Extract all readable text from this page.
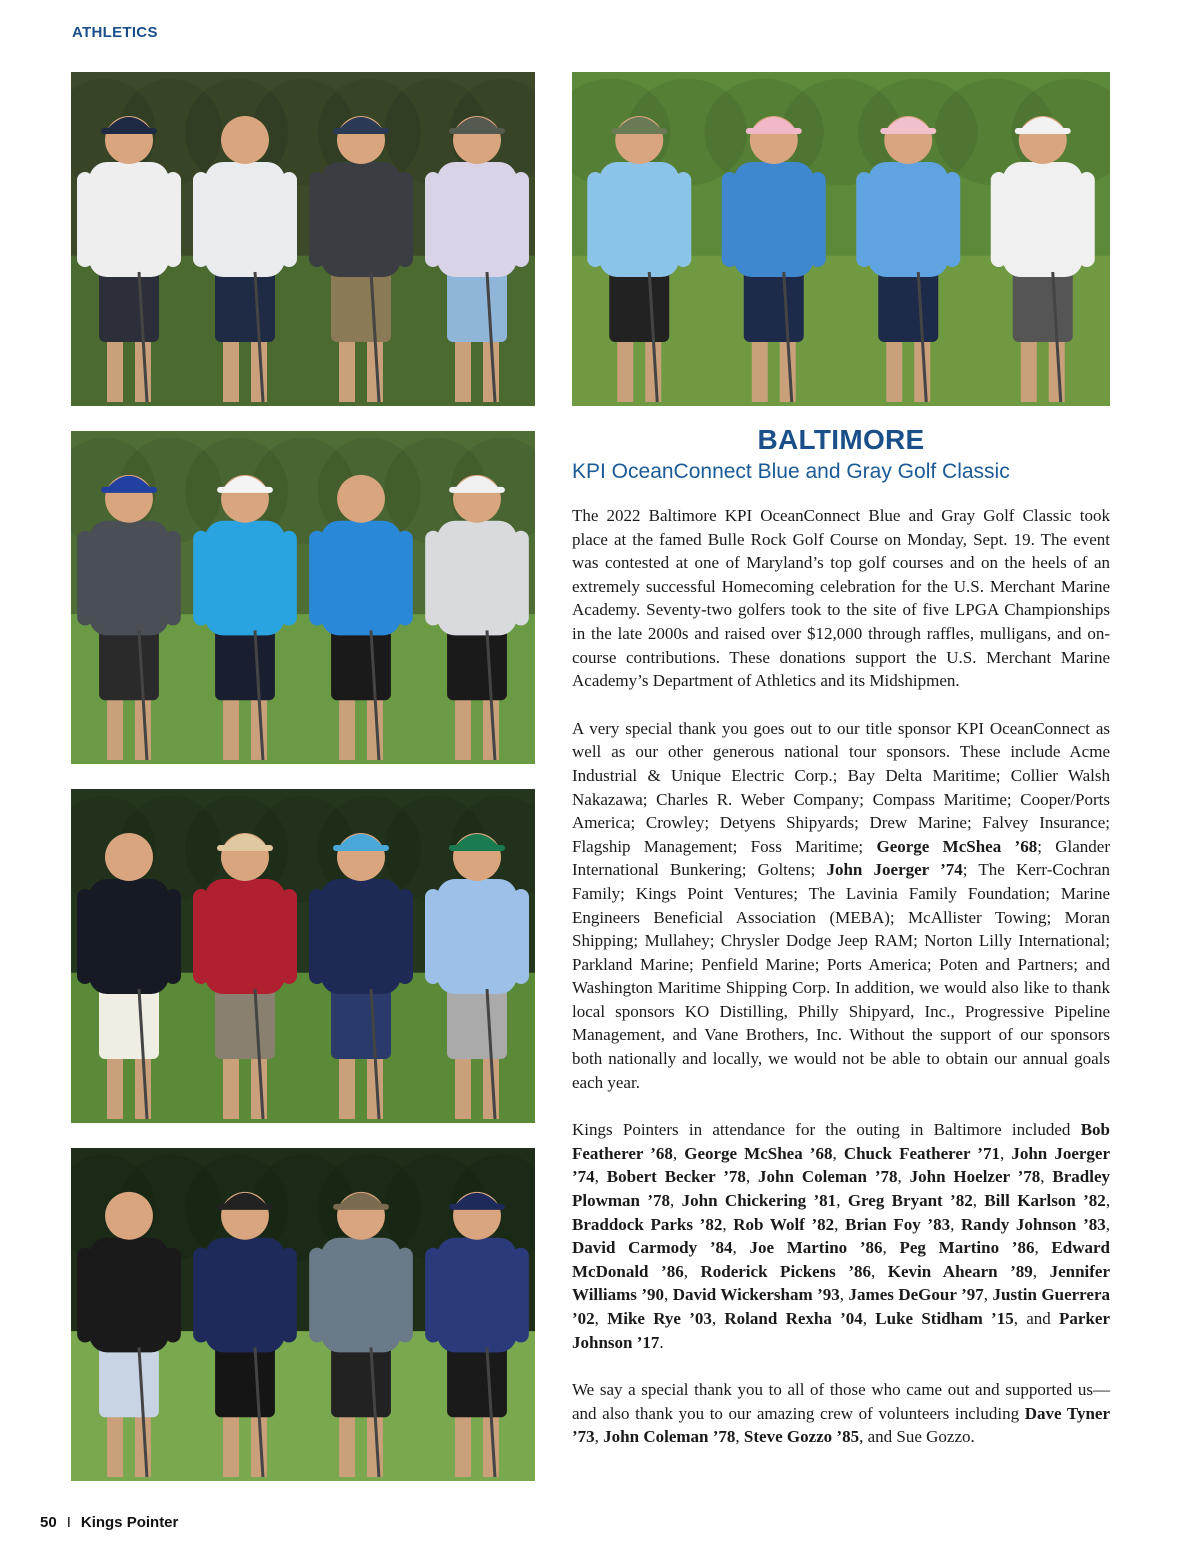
ATHLETICS
BALTIMORE
KPI OceanConnect Blue and Gray Golf Classic

The 2022 Baltimore KPI OceanConnect Blue and Gray Golf Classic took place at the famed Bulle Rock Golf Course on Monday, Sept. 19. The event was contested at one of Maryland’s top golf courses and on the heels of an extremely successful Homecoming celebration for the U.S. Merchant Marine Academy. Seventy-two golfers took to the site of five LPGA Championships in the late 2000s and raised over $12,000 through raffles, mulligans, and on-course contributions. These donations support the U.S. Merchant Marine Academy’s Department of Athletics and its Midshipmen.

A very special thank you goes out to our title sponsor KPI OceanConnect as well as our other generous national tour sponsors. These include Acme Industrial & Unique Electric Corp.; Bay Delta Maritime; Collier Walsh Nakazawa; Charles R. Weber Company; Compass Maritime; Cooper/Ports America; Crowley; Detyens Shipyards; Drew Marine; Falvey Insurance; Flagship Management; Foss Maritime; George McShea ’68; Glander International Bunkering; Goltens; John Joerger ’74; The Kerr-Cochran Family; Kings Point Ventures; The Lavinia Family Foundation; Marine Engineers Beneficial Association (MEBA); McAllister Towing; Moran Shipping; Mullahey; Chrysler Dodge Jeep RAM; Norton Lilly International; Parkland Marine; Penfield Marine; Ports America; Poten and Partners; and Washington Maritime Shipping Corp. In addition, we would also like to thank local sponsors KO Distilling, Philly Shipyard, Inc., Progressive Pipeline Management, and Vane Brothers, Inc. Without the support of our sponsors both nationally and locally, we would not be able to obtain our annual goals each year.

Kings Pointers in attendance for the outing in Baltimore included Bob Featherer ’68, George McShea ’68, Chuck Featherer ’71, John Joerger ’74, Bobert Becker ’78, John Coleman ’78, John Hoelzer ’78, Bradley Plowman ’78, John Chickering ’81, Greg Bryant ’82, Bill Karlson ’82, Braddock Parks ’82, Rob Wolf ’82, Brian Foy ’83, Randy Johnson ’83, David Carmody ’84, Joe Martino ’86, Peg Martino ’86, Edward McDonald ’86, Roderick Pickens ’86, Kevin Ahearn ’89, Jennifer Williams ’90, David Wickersham ’93, James DeGour ’97, Justin Guerrera ’02, Mike Rye ’03, Roland Rexha ’04, Luke Stidham ’15, and Parker Johnson ’17.

We say a special thank you to all of those who came out and supported us—and also thank you to our amazing crew of volunteers including Dave Tyner ’73, John Coleman ’78, Steve Gozzo ’85, and Sue Gozzo.

50 I Kings Pointer
